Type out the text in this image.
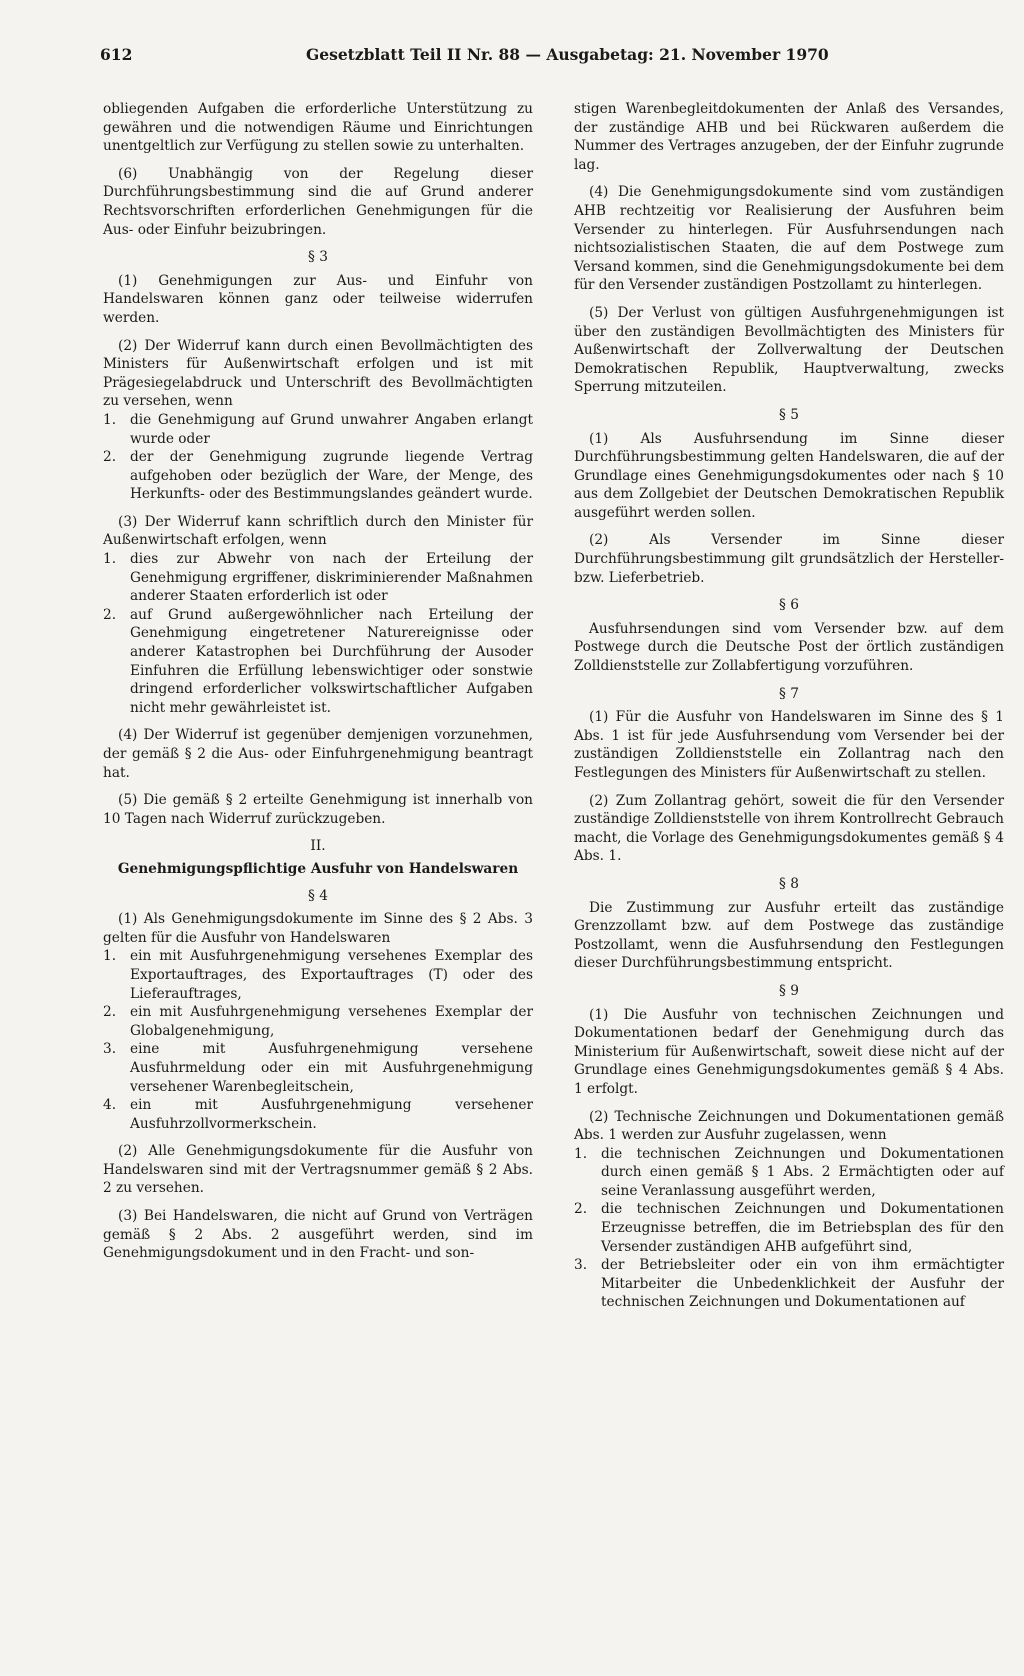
612	Gesetzblatt Teil II Nr. 88 — Ausgabetag: 21. November 1970

obliegenden Aufgaben die erforderliche Unterstützung zu gewähren und die notwendigen Räume und Einrichtungen unentgeltlich zur Verfügung zu stellen sowie zu unterhalten.

(6) Unabhängig von der Regelung dieser Durchführungsbestimmung sind die auf Grund anderer Rechtsvorschriften erforderlichen Genehmigungen für die Aus- oder Einfuhr beizubringen.

§ 3

(1) Genehmigungen zur Aus- und Einfuhr von Handelswaren können ganz oder teilweise widerrufen werden.

(2) Der Widerruf kann durch einen Bevollmächtigten des Ministers für Außenwirtschaft erfolgen und ist mit Prägesiegelabdruck und Unterschrift des Bevollmächtigten zu versehen, wenn

1. die Genehmigung auf Grund unwahrer Angaben erlangt wurde oder
2. der der Genehmigung zugrunde liegende Vertrag aufgehoben oder bezüglich der Ware, der Menge, des Herkunfts- oder des Bestimmungslandes geändert wurde.

(3) Der Widerruf kann schriftlich durch den Minister für Außenwirtschaft erfolgen, wenn

1. dies zur Abwehr von nach der Erteilung der Genehmigung ergriffener, diskriminierender Maßnahmen anderer Staaten erforderlich ist oder
2. auf Grund außergewöhnlicher nach Erteilung der Genehmigung eingetretener Naturereignisse oder anderer Katastrophen bei Durchführung der Ausoder Einfuhren die Erfüllung lebenswichtiger oder sonstwie dringend erforderlicher volkswirtschaftlicher Aufgaben nicht mehr gewährleistet ist.

(4) Der Widerruf ist gegenüber demjenigen vorzunehmen, der gemäß § 2 die Aus- oder Einfuhrgenehmigung beantragt hat.

(5) Die gemäß § 2 erteilte Genehmigung ist innerhalb von 10 Tagen nach Widerruf zurückzugeben.

II.
Genehmigungspflichtige Ausfuhr von Handelswaren
§ 4

(1) Als Genehmigungsdokumente im Sinne des § 2 Abs. 3 gelten für die Ausfuhr von Handelswaren

1. ein mit Ausfuhrgenehmigung versehenes Exemplar des Exportauftrages, des Exportauftrages (T) oder des Lieferauftrages,
2. ein mit Ausfuhrgenehmigung versehenes Exemplar der Globalgenehmigung,
3. eine mit Ausfuhrgenehmigung versehene Ausfuhrmeldung oder ein mit Ausfuhrgenehmigung versehener Warenbegleitschein,
4. ein mit Ausfuhrgenehmigung versehener Ausfuhrzollvormerkschein.

(2) Alle Genehmigungsdokumente für die Ausfuhr von Handelswaren sind mit der Vertragsnummer gemäß § 2 Abs. 2 zu versehen.

(3) Bei Handelswaren, die nicht auf Grund von Verträgen gemäß § 2 Abs. 2 ausgeführt werden, sind im Genehmigungsdokument und in den Fracht- und son-

stigen Warenbegleitdokumenten der Anlaß des Versandes, der zuständige AHB und bei Rückwaren außerdem die Nummer des Vertrages anzugeben, der der Einfuhr zugrunde lag.

(4) Die Genehmigungsdokumente sind vom zuständigen AHB rechtzeitig vor Realisierung der Ausfuhren beim Versender zu hinterlegen. Für Ausfuhrsendungen nach nichtsozialistischen Staaten, die auf dem Postwege zum Versand kommen, sind die Genehmigungsdokumente bei dem für den Versender zuständigen Postzollamt zu hinterlegen.

(5) Der Verlust von gültigen Ausfuhrgenehmigungen ist über den zuständigen Bevollmächtigten des Ministers für Außenwirtschaft der Zollverwaltung der Deutschen Demokratischen Republik, Hauptverwaltung, zwecks Sperrung mitzuteilen.

§ 5

(1) Als Ausfuhrsendung im Sinne dieser Durchführungsbestimmung gelten Handelswaren, die auf der Grundlage eines Genehmigungsdokumentes oder nach § 10 aus dem Zollgebiet der Deutschen Demokratischen Republik ausgeführt werden sollen.

(2) Als Versender im Sinne dieser Durchführungsbestimmung gilt grundsätzlich der Hersteller- bzw. Lieferbetrieb.

§ 6

Ausfuhrsendungen sind vom Versender bzw. auf dem Postwege durch die Deutsche Post der örtlich zuständigen Zolldienststelle zur Zollabfertigung vorzuführen.

§ 7

(1) Für die Ausfuhr von Handelswaren im Sinne des § 1 Abs. 1 ist für jede Ausfuhrsendung vom Versender bei der zuständigen Zolldienststelle ein Zollantrag nach den Festlegungen des Ministers für Außenwirtschaft zu stellen.

(2) Zum Zollantrag gehört, soweit die für den Versender zuständige Zolldienststelle von ihrem Kontrollrecht Gebrauch macht, die Vorlage des Genehmigungsdokumentes gemäß § 4 Abs. 1.

§ 8

Die Zustimmung zur Ausfuhr erteilt das zuständige Grenzzollamt bzw. auf dem Postwege das zuständige Postzollamt, wenn die Ausfuhrsendung den Festlegungen dieser Durchführungsbestimmung entspricht.

§ 9

(1) Die Ausfuhr von technischen Zeichnungen und Dokumentationen bedarf der Genehmigung durch das Ministerium für Außenwirtschaft, soweit diese nicht auf der Grundlage eines Genehmigungsdokumentes gemäß § 4 Abs. 1 erfolgt.

(2) Technische Zeichnungen und Dokumentationen gemäß Abs. 1 werden zur Ausfuhr zugelassen, wenn

1. die technischen Zeichnungen und Dokumentationen durch einen gemäß § 1 Abs. 2 Ermächtigten oder auf seine Veranlassung ausgeführt werden,
2. die technischen Zeichnungen und Dokumentationen Erzeugnisse betreffen, die im Betriebsplan des für den Versender zuständigen AHB aufgeführt sind,
3. der Betriebsleiter oder ein von ihm ermächtigter Mitarbeiter die Unbedenklichkeit der Ausfuhr der technischen Zeichnungen und Dokumentationen auf
